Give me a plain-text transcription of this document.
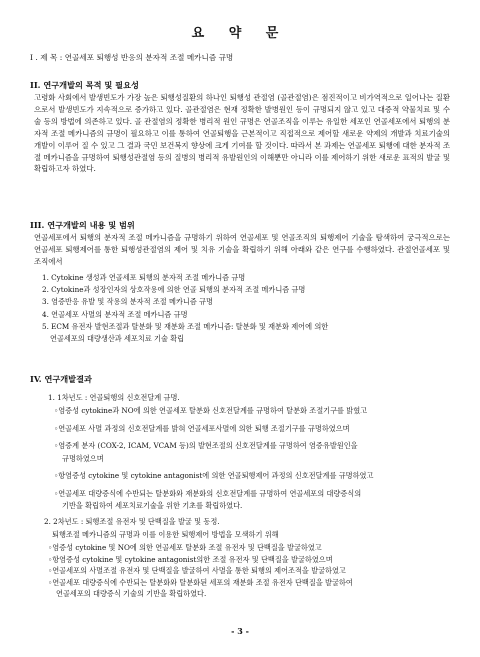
요 약 문
I . 제 목 : 연골세포 퇴행성 반응의 분자적 조절 메카니즘 규명
II. 연구개발의 목적 및 필요성
고령화 사회에서 발생빈도가 가장 높은 퇴행성질환의 하나인 퇴행성 관절염 (골관절염)은 점진적이고 비가역적으로 일어나는 질환으로서 발생빈도가 지속적으로 증가하고 있다. 골관절염은 현재 정확한 발병원인 등이 규명되지 않고 있고 대증적 약물치료 및 수술 등의 방법에 의존하고 있다. 골 관절염의 정확한 병리적 원인 규명은 연골조직을 이루는 유일한 세포인 연골세포에서 퇴행의 분자적 조절 메카니즘의 규명이 필요하고 이를 통하여 연골퇴행을 근본적이고 직접적으로 제어할 새로운 약제의 개발과 치료기술의 개발이 이루어 질 수 있고 그 결과 국민 보건복지 향상에 크게 기여를 할 것이다. 따라서 본 과제는 연골세포 퇴행에 대한 분자적 조절 메카니즘을 규명하여 퇴행성관절염 등의 질병의 병리적 유발원인의 이해뿐만 아니라 이를 제어하기 위한 새로운 표적의 발굴 및 확립하고자 하였다.
III. 연구개발의 내용 및 범위
연골세포에서 퇴행의 분자적 조절 메카니즘을 규명하기 위하여 연골세포 및 연골조직의 퇴행제어 기술을 탐색하여 궁극적으로는 연골세포 퇴행제어를 통한 퇴행성관절염의 제어 및 치유 기술을 확립하기 위해 아래와 같은 연구를 수행하였다. 관절연골세포 및 조직에서
1. Cytokine 생성과 연골세포 퇴행의 분자적 조절 메카니즘 규명
2. Cytokine과 성장인자의 상호작용에 의한 연골 퇴행의 분자적 조절 메카니즘 규명
3. 염증반응 유발 및 작용의 분자적 조절 메카니즘 규명
4. 연골세포 사멸의 분자적 조절 메카니즘 규명
5. ECM 유전자 발현조절과 탈분화 및 재분화 조절 메카니즘: 탈분화 및 재분화 제어에 의한
연골세포의 대량생산과 세포치료 기술 확립
IV. 연구개발결과
1. 1차년도 : 연골퇴행의 신호전달계 규명.
◦염증성 cytokine과 NO에 의한 연골세포 탈분화 신호전달계를 규명하여 탈분화 조절기구를 밝혔고
◦연골세포 사멸 과정의 신호전달계를 밝혀 연골세포사멸에 의한 퇴행 조절기구를 규명하였으며
◦염증계 분자 (COX-2, ICAM, VCAM 등)의 발현조절의 신호전달계를 규명하여 염증유발원인을
규명하였으며
◦항염증성 cytokine 및 cytokine antagonist에 의한 연골퇴행제어 과정의 신호전달계를 규명하였고
◦연골세포 대량증식에 수반되는 탈분화와 재분화의 신호전달계를 규명하여 연골세포의 대량증식의
기반을 확립하여 세포치료기술을 위한 기초를 확립하였다.
2. 2차년도 : 퇴행조절 유전자 및 단백질을 발굴 및 동정.
퇴행조절 메카니즘의 규명과 이를 이용한 퇴행제어 방법을 모색하기 위해
◦염증성 cytokine 및 NO에 의한 연골세포 탈분화 조절 유전자 및 단백질을 발굴하였고
◦항염증성 cytokine 및 cytokine antagonist의한 조절 유전자 및 단백질을 발굴하였으며
◦연골세포의 사멸조절 유전자 및 단백질을 발굴하여 사멸을 통한 퇴행의 제어조적을 발굴하였고
◦연골세포 대량증식에 수반되는 탈분화와 탈분화된 세포의 재분화 조절 유전자 단백질을 발굴하여
연골세포의 대량증식 기술의 기반을 확립하였다.
- 3 -
